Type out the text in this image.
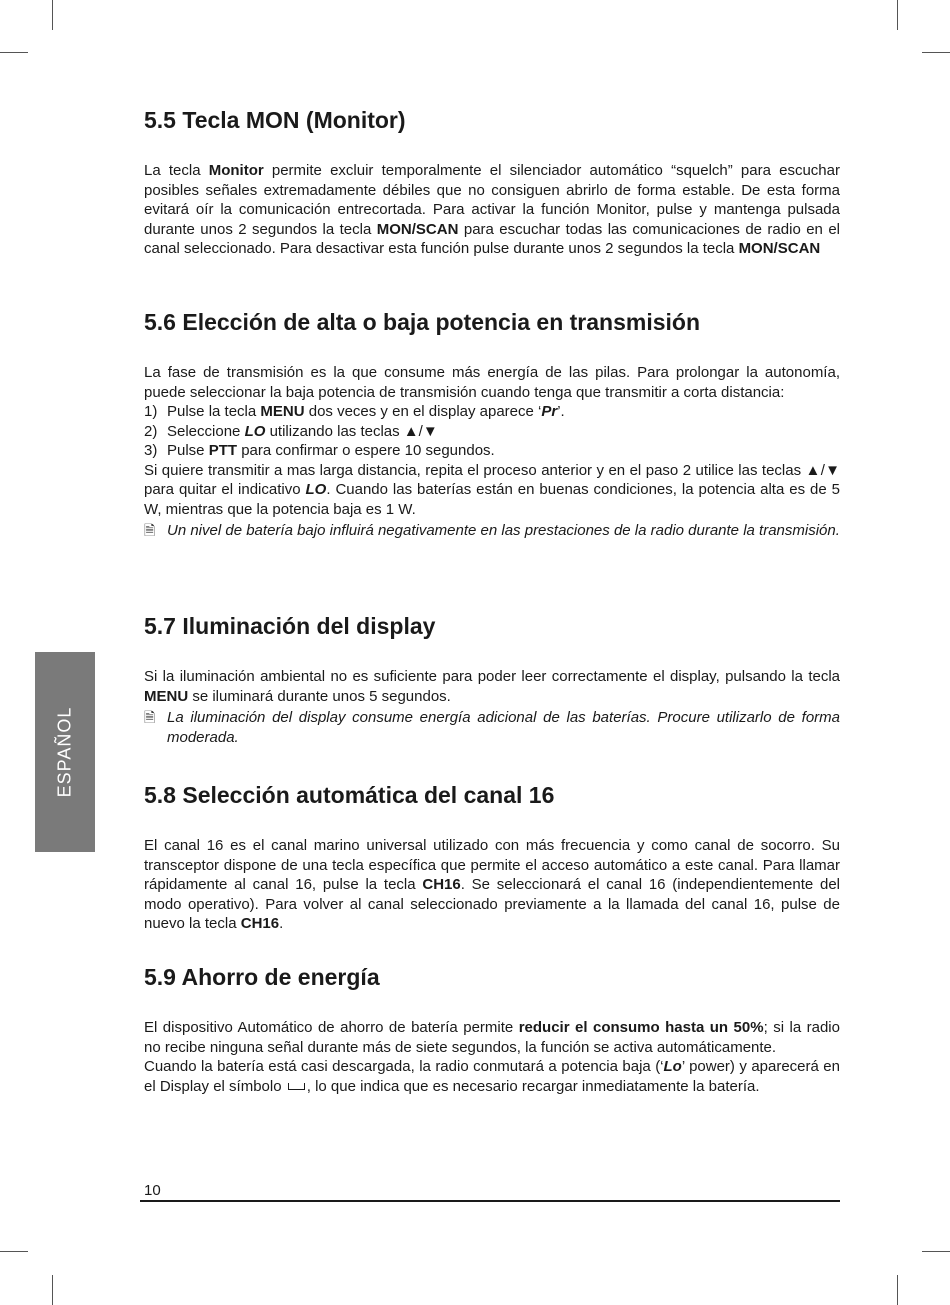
ESPAÑOL
5.5 Tecla MON (Monitor)

La tecla Monitor permite excluir temporalmente el silenciador automático “squelch” para escuchar posibles señales extremadamente débiles que no consiguen abrirlo de forma estable. De esta forma evitará oír la comunicación entrecortada. Para activar la función Monitor, pulse y mantenga pulsada durante unos 2 segundos la tecla MON/SCAN para escuchar todas las comunicaciones de radio en el canal seleccionado. Para desactivar esta función pulse durante unos 2 segundos la tecla MON/SCAN

5.6 Elección de alta o baja potencia en transmisión

La fase de transmisión es la que consume más energía de las pilas. Para prolongar la autonomía, puede seleccionar la baja potencia de transmisión cuando tenga que transmitir a corta distancia:

1) Pulse la tecla MENU dos veces y en el display aparece ‘Pr’.
2) Seleccione LO utilizando las teclas ▲/▼
3) Pulse PTT para confirmar o espere 10 segundos.

Si quiere transmitir a mas larga distancia, repita el proceso anterior y en el paso 2 utilice las teclas ▲/▼ para quitar el indicativo LO. Cuando las baterías están en buenas condiciones, la potencia alta es de 5 W, mientras que la potencia baja es 1 W.

🗎 Un nivel de batería bajo influirá negativamente en las prestaciones de la radio durante la transmisión.
5.7 Iluminación del display

Si la iluminación ambiental no es suficiente para poder leer correctamente el display, pulsando la tecla MENU se iluminará durante unos 5 segundos.

🗎 La iluminación del display consume energía adicional de las baterías. Procure utilizarlo de forma moderada.
5.8 Selección automática del canal 16

El canal 16 es el canal marino universal utilizado con más frecuencia y como canal de socorro. Su transceptor dispone de una tecla específica que permite el acceso automático a este canal. Para llamar rápidamente al canal 16, pulse la tecla CH16. Se seleccionará el canal 16 (independientemente del modo operativo). Para volver al canal seleccionado previamente a la llamada del canal 16, pulse de nuevo la tecla CH16.

5.9 Ahorro de energía

El dispositivo Automático de ahorro de batería permite reducir el consumo hasta un 50%; si la radio no recibe ninguna señal durante más de siete segundos, la función se activa automáticamente.

Cuando la batería está casi descargada, la radio conmutará a potencia baja (‘Lo’ power) y aparecerá en el Display el símbolo , lo que indica que es necesario recargar inmediatamente la batería.

10
